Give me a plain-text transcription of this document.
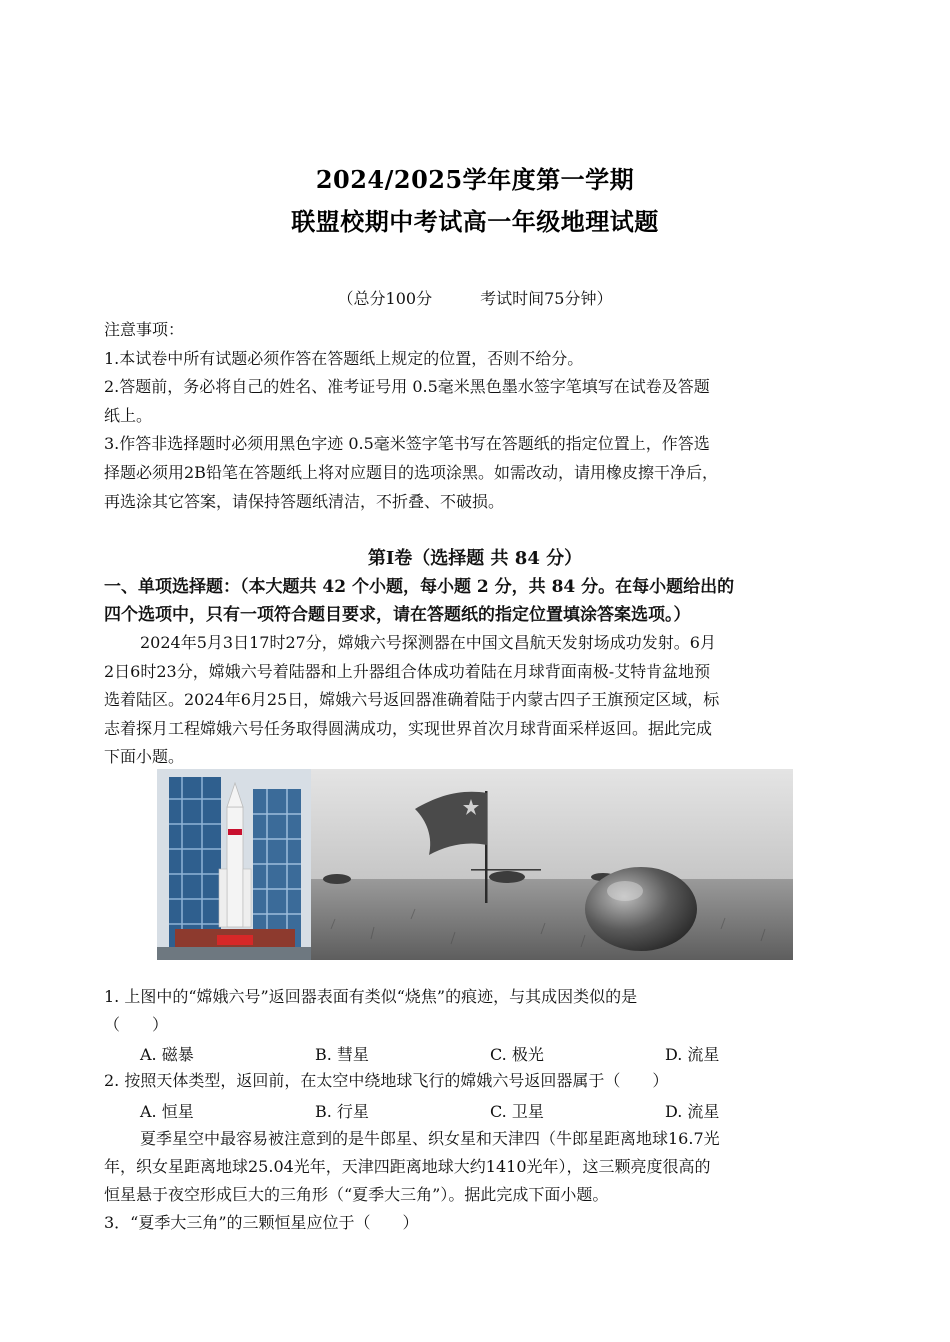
2024/2025学年度第一学期
联盟校期中考试高一年级地理试题
（总分100分	考试时间75分钟）
注意事项：
1.本试卷中所有试题必须作答在答题纸上规定的位置，否则不给分。
2.答题前，务必将自己的姓名、准考证号用 0.5毫米黑色墨水签字笔填写在试卷及答题
纸上。
3.作答非选择题时必须用黑色字迹 0.5毫米签字笔书写在答题纸的指定位置上，作答选
择题必须用2B铅笔在答题纸上将对应题目的选项涂黑。如需改动，请用橡皮擦干净后，
再选涂其它答案，请保持答题纸清洁，不折叠、不破损。
第Ⅰ卷（选择题 共 84 分）
一、单项选择题：（本大题共 42 个小题，每小题 2 分，共 84 分。在每小题给出的
四个选项中，只有一项符合题目要求，请在答题纸的指定位置填涂答案选项。）
2024年5月3日17时27分，嫦娥六号探测器在中国文昌航天发射场成功发射。6月
2日6时23分，嫦娥六号着陆器和上升器组合体成功着陆在月球背面南极-艾特肯盆地预
选着陆区。2024年6月25日，嫦娥六号返回器准确着陆于内蒙古四子王旗预定区域，标
志着探月工程嫦娥六号任务取得圆满成功，实现世界首次月球背面采样返回。据此完成
下面小题。
1. 上图中的“嫦娥六号”返回器表面有类似“烧焦”的痕迹，与其成因类似的是
（　　）
A. 磁暴	B. 彗星	C. 极光	D. 流星
2. 按照天体类型，返回前，在太空中绕地球飞行的嫦娥六号返回器属于（　　）
A. 恒星	B. 行星	C. 卫星	D. 流星
夏季星空中最容易被注意到的是牛郎星、织女星和天津四（牛郎星距离地球16.7光
年，织女星距离地球25.04光年，天津四距离地球大约1410光年），这三颗亮度很高的
恒星悬于夜空形成巨大的三角形（“夏季大三角”）。据此完成下面小题。
3．“夏季大三角”的三颗恒星应位于（　　）
